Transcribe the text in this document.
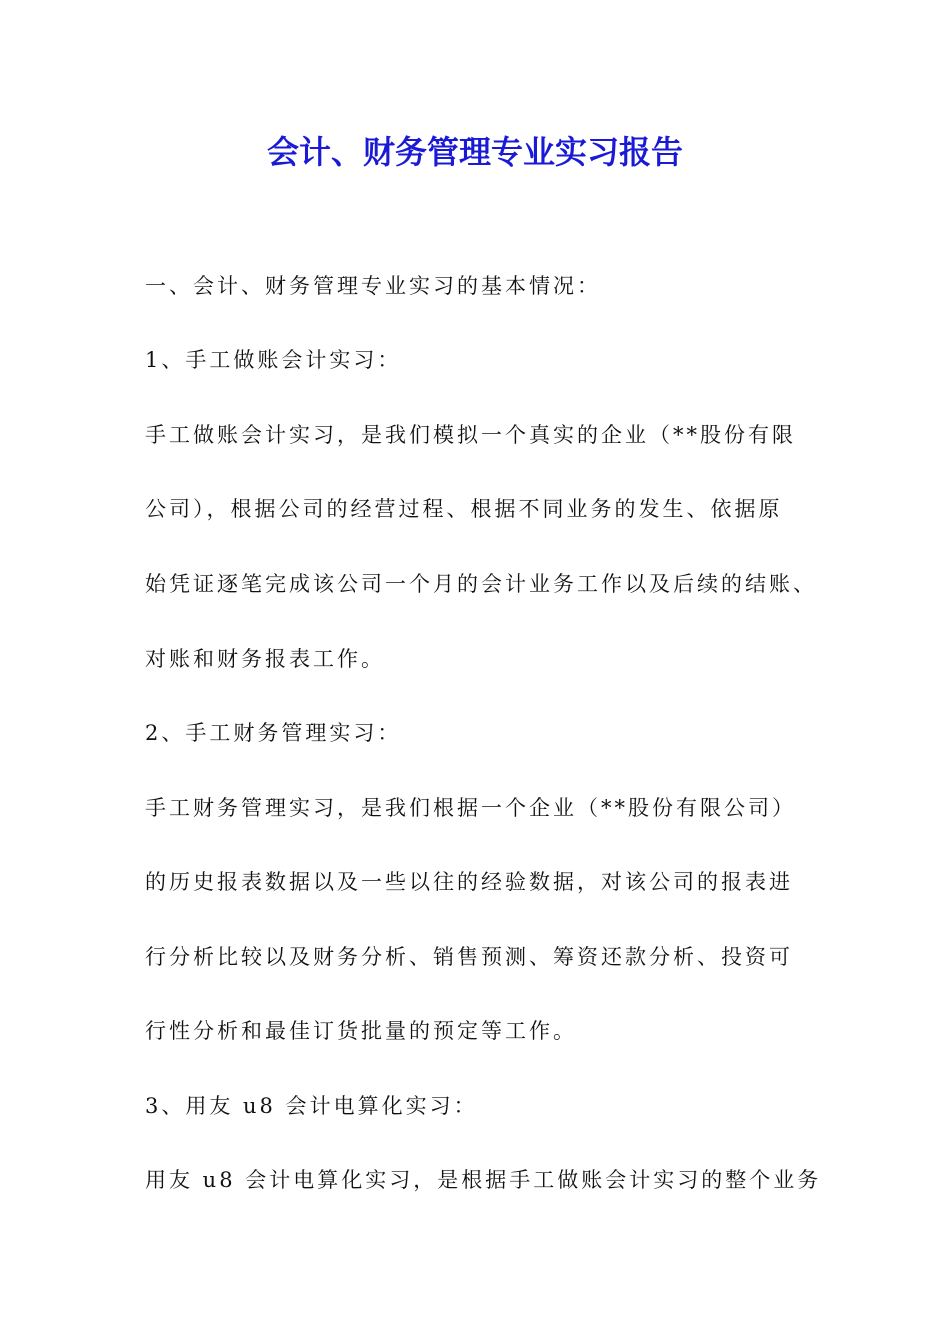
会计、财务管理专业实习报告

一、会计、财务管理专业实习的基本情况：

1、手工做账会计实习：

手工做账会计实习，是我们模拟一个真实的企业（**股份有限

公司），根据公司的经营过程、根据不同业务的发生、依据原

始凭证逐笔完成该公司一个月的会计业务工作以及后续的结账、

对账和财务报表工作。

2、手工财务管理实习：

手工财务管理实习，是我们根据一个企业（**股份有限公司）

的历史报表数据以及一些以往的经验数据，对该公司的报表进

行分析比较以及财务分析、销售预测、筹资还款分析、投资可

行性分析和最佳订货批量的预定等工作。

3、用友 u8 会计电算化实习：

用友 u8 会计电算化实习，是根据手工做账会计实习的整个业务
